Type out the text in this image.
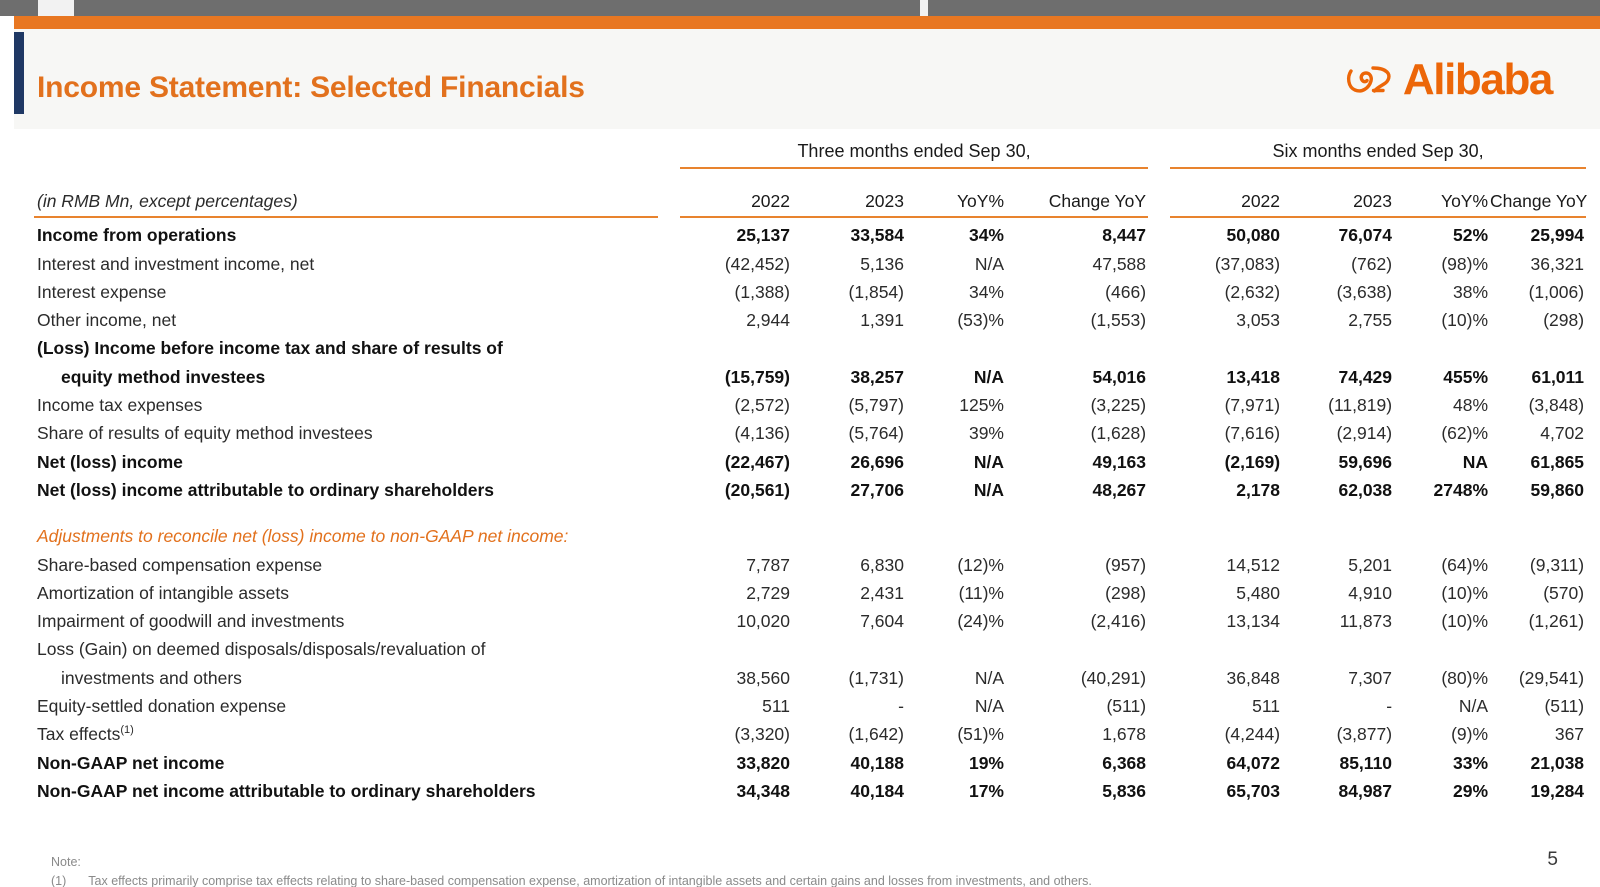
Income Statement: Selected Financials	Alibaba
		Three months ended Sep 30,					Six months ended Sep 30,				

(in RMB Mn, except percentages)		2022	2023	YoY%	Change YoY		2022	2023	YoY%	Change YoY	

Income from operations		25,137	33,584	34%	8,447		50,080	76,074	52%	25,994	
Interest and investment income, net		(42,452)	5,136	N/A	47,588		(37,083)	(762)	(98)%	36,321	
Interest expense		(1,388)	(1,854)	34%	(466)		(2,632)	(3,638)	38%	(1,006)	
Other income, net		2,944	1,391	(53)%	(1,553)		3,053	2,755	(10)%	(298)	
(Loss) Income before income tax and share of results of											
equity method investees		(15,759)	38,257	N/A	54,016		13,418	74,429	455%	61,011	
Income tax expenses		(2,572)	(5,797)	125%	(3,225)		(7,971)	(11,819)	48%	(3,848)	
Share of results of equity method investees		(4,136)	(5,764)	39%	(1,628)		(7,616)	(2,914)	(62)%	4,702	
Net (loss) income		(22,467)	26,696	N/A	49,163		(2,169)	59,696	NA	61,865	
Net (loss) income attributable to ordinary shareholders		(20,561)	27,706	N/A	48,267		2,178	62,038	2748%	59,860	

Adjustments to reconcile net (loss) income to non-GAAP net income:											
Share-based compensation expense		7,787	6,830	(12)%	(957)		14,512	5,201	(64)%	(9,311)	
Amortization of intangible assets		2,729	2,431	(11)%	(298)		5,480	4,910	(10)%	(570)	
Impairment of goodwill and investments		10,020	7,604	(24)%	(2,416)		13,134	11,873	(10)%	(1,261)	
Loss (Gain) on deemed disposals/disposals/revaluation of											
investments and others		38,560	(1,731)	N/A	(40,291)		36,848	7,307	(80)%	(29,541)	
Equity-settled donation expense		511	-	N/A	(511)		511	-	N/A	(511)	
Tax effects$^{(1)}$		(3,320)	(1,642)	(51)%	1,678		(4,244)	(3,877)	(9)%	367	
Non-GAAP net income		33,820	40,188	19%	6,368		64,072	85,110	33%	21,038	
Non-GAAP net income attributable to ordinary shareholders		34,348	40,184	17%	5,836		65,703	84,987	29%	19,284	
Note:
(1) Tax effects primarily comprise tax effects relating to share-based compensation expense, amortization of intangible assets and certain gains and losses from investments, and others.
5
